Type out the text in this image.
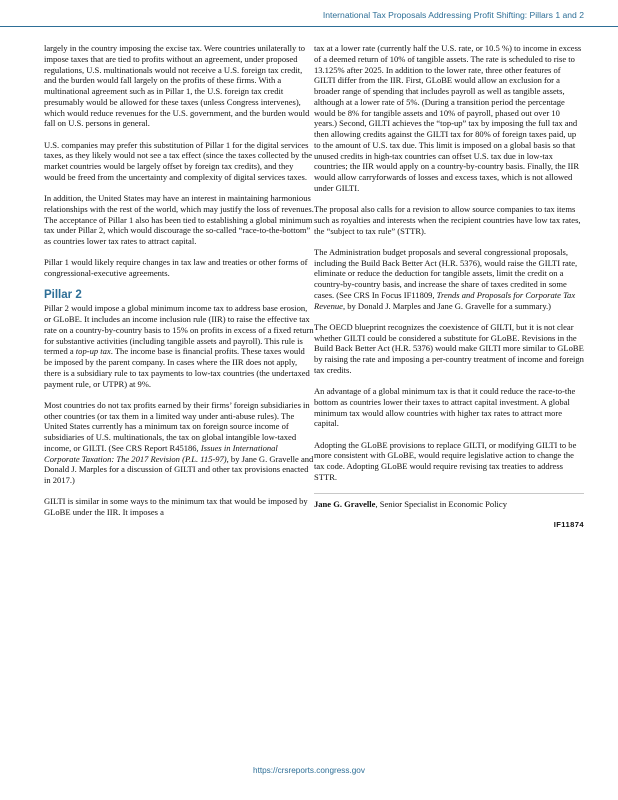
International Tax Proposals Addressing Profit Shifting: Pillars 1 and 2

largely in the country imposing the excise tax. Were countries unilaterally to impose taxes that are tied to profits without an agreement, under proposed regulations, U.S. multinationals would not receive a U.S. foreign tax credit, and the burden would fall largely on the profits of these firms. With a multinational agreement such as in Pillar 1, the U.S. foreign tax credit presumably would be allowed for these taxes (unless Congress intervenes), which would reduce revenues for the U.S. government, and the burden would fall on U.S. persons in general.

U.S. companies may prefer this substitution of Pillar 1 for the digital services taxes, as they likely would not see a tax effect (since the taxes collected by the market countries would be largely offset by foreign tax credits), and they would be freed from the uncertainty and complexity of digital services taxes.

In addition, the United States may have an interest in maintaining harmonious relationships with the rest of the world, which may justify the loss of revenues. The acceptance of Pillar 1 also has been tied to establishing a global minimum tax under Pillar 2, which would discourage the so-called “race-to-the-bottom” as countries lower tax rates to attract capital.

Pillar 1 would likely require changes in tax law and treaties or other forms of congressional-executive agreements.

Pillar 2

Pillar 2 would impose a global minimum income tax to address base erosion, or GLoBE. It includes an income inclusion rule (IIR) to raise the effective tax rate on a country-by-country basis to 15% on profits in excess of a fixed return for substantive activities (including tangible assets and payroll). This rule is termed a top-up tax. The income base is financial profits. These taxes would be imposed by the parent company. In cases where the IIR does not apply, there is a subsidiary rule to tax payments to low-tax countries (the undertaxed payment rule, or UTPR) at 9%.

Most countries do not tax profits earned by their firms’ foreign subsidiaries in other countries (or tax them in a limited way under anti-abuse rules). The United States currently has a minimum tax on foreign source income of subsidiaries of U.S. multinationals, the tax on global intangible low-taxed income, or GILTI. (See CRS Report R45186, Issues in International Corporate Taxation: The 2017 Revision (P.L. 115-97), by Jane G. Gravelle and Donald J. Marples for a discussion of GILTI and other tax provisions enacted in 2017.)

GILTI is similar in some ways to the minimum tax that would be imposed by GLoBE under the IIR. It imposes a

tax at a lower rate (currently half the U.S. rate, or 10.5 %) to income in excess of a deemed return of 10% of tangible assets. The rate is scheduled to rise to 13.125% after 2025. In addition to the lower rate, three other features of GILTI differ from the IIR. First, GLoBE would allow an exclusion for a broader range of spending that includes payroll as well as tangible assets, although at a lower rate of 5%. (During a transition period the percentage would be 8% for tangible assets and 10% of payroll, phased out over 10 years.) Second, GILTI achieves the “top-up” tax by imposing the full tax and then allowing credits against the GILTI tax for 80% of foreign taxes paid, up to the amount of U.S. tax due. This limit is imposed on a global basis so that unused credits in high-tax countries can offset U.S. tax due in low-tax countries; the IIR would apply on a country-by-country basis. Finally, the IIR would allow carryforwards of losses and excess taxes, which is not allowed under GILTI.

The proposal also calls for a revision to allow source companies to tax items such as royalties and interests when the recipient countries have low tax rates, the “subject to tax rule” (STTR).

The Administration budget proposals and several congressional proposals, including the Build Back Better Act (H.R. 5376), would raise the GILTI rate, eliminate or reduce the deduction for tangible assets, limit the credit on a country-by-country basis, and increase the share of taxes credited in some cases. (See CRS In Focus IF11809, Trends and Proposals for Corporate Tax Revenue, by Donald J. Marples and Jane G. Gravelle for a summary.)

The OECD blueprint recognizes the coexistence of GILTI, but it is not clear whether GILTI could be considered a substitute for GLoBE. Revisions in the Build Back Better Act (H.R. 5376) would make GILTI more similar to GLoBE by raising the rate and imposing a per-country treatment of income and foreign tax credits.

An advantage of a global minimum tax is that it could reduce the race-to-the bottom as countries lower their taxes to attract capital investment. A global minimum tax would allow countries with higher tax rates to attract more capital.

Adopting the GLoBE provisions to replace GILTI, or modifying GILTI to be more consistent with GLoBE, would require legislative action to change the tax code. Adopting GLoBE would require revising tax treaties to address STTR.

Jane G. Gravelle, Senior Specialist in Economic Policy

IF11874
https://crsreports.congress.gov
